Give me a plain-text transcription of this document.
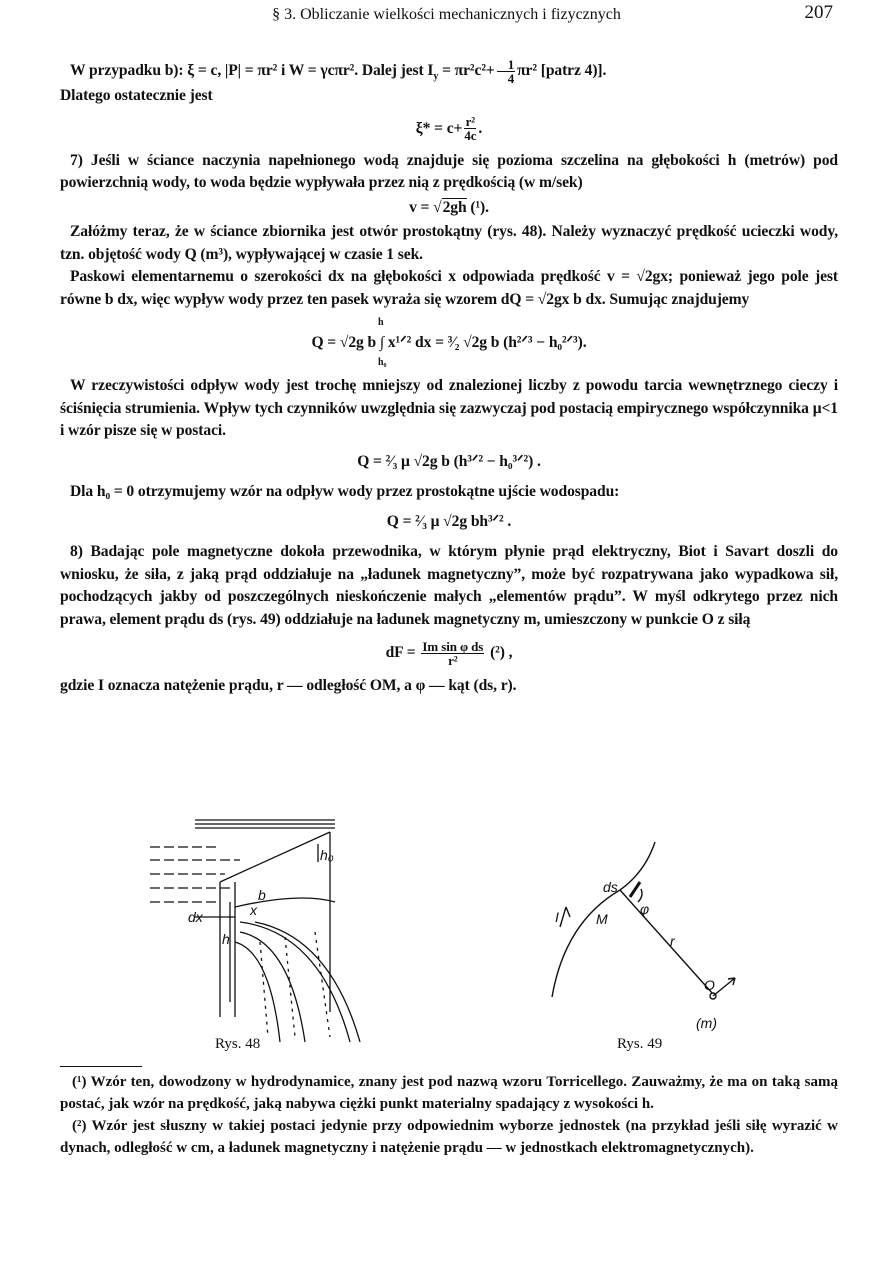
§ 3. Obliczanie wielkości mechanicznych i fizycznych	207

W przypadku b): ξ = c, |P| = πr² i W = γcπr². Dalej jest $I_y = \pi r^2c^2+ \frac{1}{4} \pi r^2$ [patrz 4)].
Dlatego ostatecznie jest

$\xi* = c+ \frac{\text{r²}}{4c}$ .

7) Jeśli w ściance naczynia napełnionego wodą znajduje się pozioma szczelina na głębokości h (metrów) pod powierzchnią wody, to woda będzie wypływała przez nią z prędkością (w m/sek)

v = √2gh (¹).

Załóżmy teraz, że w ściance zbiornika jest otwór prostokątny (rys. 48). Należy wyznaczyć prędkość ucieczki wody, tzn. objętość wody Q (m³), wypływającej w czasie 1 sek.

Paskowi elementarnemu o szerokości dx na głębokości x odpowiada prędkość v = √2gx; ponieważ jego pole jest równe b dx, więc wypływ wody przez ten pasek wyraża się wzorem dQ = √2gx b dx. Sumując znajdujemy

Q = √2g b ∫ x¹ᐟ² dx = ³⁄₂ √2g b (h²ᐟ³ − h₀²ᐟ³).
h
h₀

W rzeczywistości odpływ wody jest trochę mniejszy od znalezionej liczby z powodu tarcia wewnętrznego cieczy i ściśnięcia strumienia. Wpływ tych czynników uwzględnia się zazwyczaj pod postacią empirycznego współczynnika μ<1 i wzór pisze się w postaci.

Q = ²⁄₃ μ √2g b (h³ᐟ² − h₀³ᐟ²) .

Dla h₀ = 0 otrzymujemy wzór na odpływ wody przez prostokątne ujście wodospadu:

Q = ²⁄₃ μ √2g bh³ᐟ² .

8) Badając pole magnetyczne dokoła przewodnika, w którym płynie prąd elektryczny, Biot i Savart doszli do wniosku, że siła, z jaką prąd oddziałuje na „ładunek magnetyczny”, może być rozpatrywana jako wypadkowa sił, pochodzących jakby od poszczególnych nieskończenie małych „elementów prądu”. W myśl odkrytego przez nich prawa, element prądu ds (rys. 49) oddziałuje na ładunek magnetyczny m, umieszczony w punkcie O z siłą

dF = $\frac{\text{Im sin φ ds}}{\text{r²}} (^2)$ ,

gdzie I oznacza natężenie prądu, r — odległość OM, a φ — kąt (ds, r).

h₀
b
dx
h
x
ds
I	M
φ
r
O
(m)
Rys. 48	Rys. 49

(¹) Wzór ten, dowodzony w hydrodynamice, znany jest pod nazwą wzoru Torricellego. Zauważmy, że ma on taką samą postać, jak wzór na prędkość, jaką nabywa ciężki punkt materialny spadający z wysokości h.

(²) Wzór jest słuszny w takiej postaci jedynie przy odpowiednim wyborze jednostek (na przykład jeśli siłę wyrazić w dynach, odległość w cm, a ładunek magnetyczny i natężenie prądu — w jednostkach elektromagnetycznych).
